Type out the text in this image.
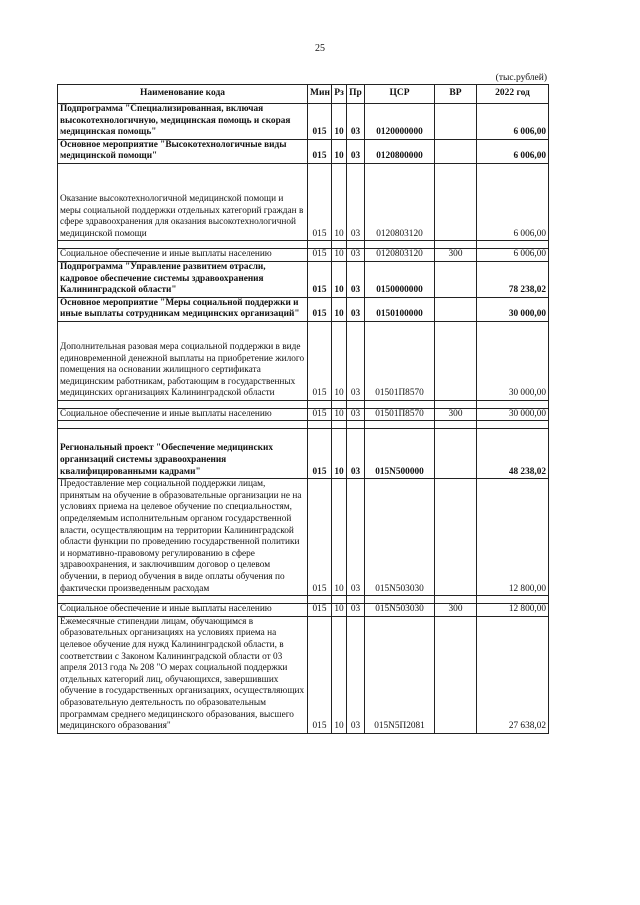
25
(тыс.рублей)
Наименование кода	Мин	Рз	Пр	ЦСР	ВР	2022 год
Подпрограмма "Специализированная, включая высокотехнологичную, медицинская помощь и скорая медицинская помощь"	015	10	03	0120000000		6 006,00
Основное мероприятие "Высокотехнологичные виды медицинской помощи"	015	10	03	0120800000		6 006,00
Оказание высокотехнологичной медицинской помощи и меры социальной поддержки отдельных категорий граждан в сфере здравоохранения для оказания высокотехнологичной медицинской помощи	015	10	03	0120803120		6 006,00

Социальное обеспечение и иные выплаты населению	015	10	03	0120803120	300	6 006,00
Подпрограмма "Управление развитием отрасли, кадровое обеспечение системы здравоохранения Калининградской области"	015	10	03	0150000000		78 238,02
Основное мероприятие "Меры социальной поддержки и иные выплаты сотрудникам медицинских организаций"	015	10	03	0150100000		30 000,00
Дополнительная разовая мера социальной поддержки в виде единовременной денежной выплаты на приобретение жилого помещения на основании жилищного сертификата медицинским работникам, работающим в государственных медицинских организациях Калининградской области	015	10	03	01501П8570		30 000,00

Социальное обеспечение и иные выплаты населению	015	10	03	01501П8570	300	30 000,00

Региональный проект "Обеспечение медицинских организаций системы здравоохранения квалифицированными кадрами"	015	10	03	015N500000		48 238,02
Предоставление мер социальной поддержки лицам, принятым на обучение в образовательные организации не на условиях приема на целевое обучение по специальностям, определяемым исполнительным органом государственной власти, осуществляющим на территории Калининградской области функции по проведению государственной политики и нормативно-правовому регулированию в сфере здравоохранения, и заключившим договор о целевом обучении, в период обучения в виде оплаты обучения по фактически произведенным расходам	015	10	03	015N503030		12 800,00

Социальное обеспечение и иные выплаты населению	015	10	03	015N503030	300	12 800,00
Ежемесячные стипендии лицам, обучающимся в образовательных организациях на условиях приема на целевое обучение для нужд Калининградской области, в соответствии с Законом Калининградской области от 03 апреля 2013 года № 208 "О мерах социальной поддержки отдельных категорий лиц, обучающихся, завершивших обучение в государственных организациях, осуществляющих образовательную деятельность по образовательным программам среднего медицинского образования, высшего медицинского образования"	015	10	03	015N5П2081		27 638,02
